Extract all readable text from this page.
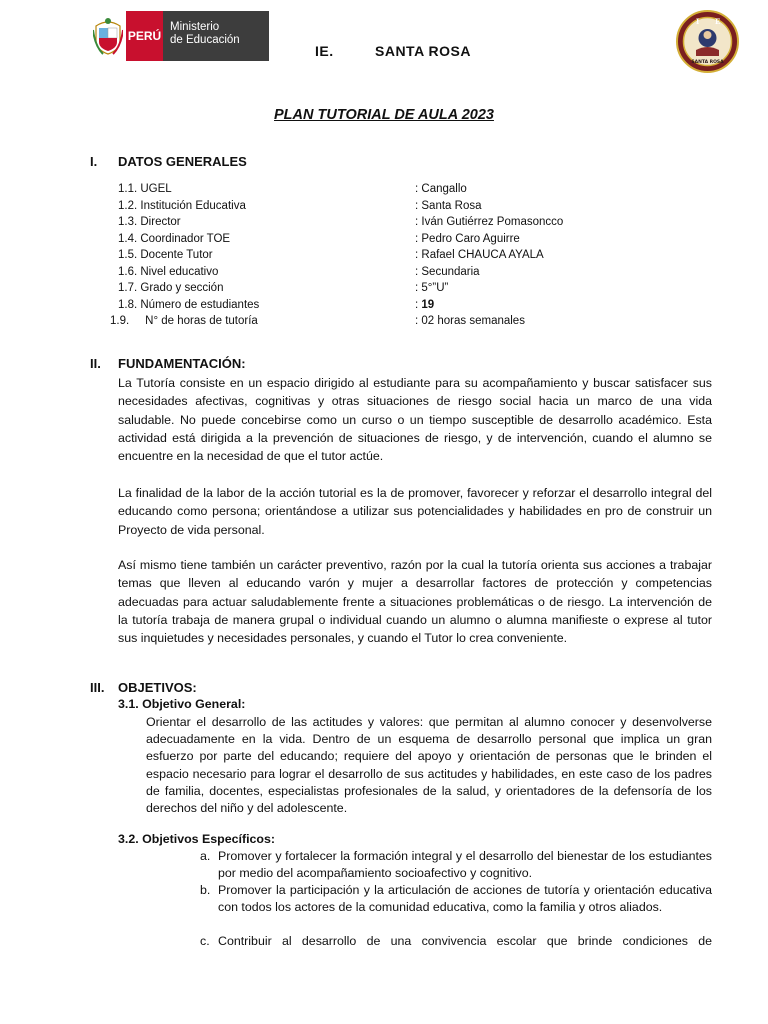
PERÚ
Ministerio
de Educación
IE.	SANTA ROSA
SANTA ROSA
I E
PLAN TUTORIAL DE AULA 2023
I. DATOS GENERALES
1.1. UGEL	: Cangallo
1.2. Institución Educativa	: Santa Rosa
1.3. Director	: Iván Gutiérrez Pomasoncco
1.4. Coordinador TOE	: Pedro Caro Aguirre
1.5. Docente Tutor	: Rafael CHAUCA AYALA
1.6. Nivel educativo	: Secundaria
1.7. Grado y sección	: 5°”U”
1.8. Número de estudiantes	: 19
1.9.     N° de horas de tutoría	: 02 horas semanales
II. FUNDAMENTACIÓN:

La Tutoría consiste en un espacio dirigido al estudiante para su acompañamiento y buscar satisfacer sus necesidades afectivas, cognitivas y otras situaciones de riesgo social hacia un marco de una vida saludable. No puede concebirse como un curso o un tiempo susceptible de desarrollo académico. Esta actividad está dirigida a la prevención de situaciones de riesgo, y de intervención, cuando el alumno se encuentre en la necesidad de que el tutor actúe.

La finalidad de la labor de la acción tutorial es la de promover, favorecer y reforzar el desarrollo integral del educando como persona; orientándose a utilizar sus potencialidades y habilidades en pro de construir un Proyecto de vida personal.

Así mismo tiene también un carácter preventivo, razón por la cual la tutoría orienta sus acciones a trabajar temas que lleven al educando varón y mujer a desarrollar factores de protección y competencias adecuadas para actuar saludablemente frente a situaciones problemáticas o de riesgo. La intervención de la tutoría trabaja de manera grupal o individual cuando un alumno o alumna manifieste o exprese al tutor sus inquietudes y necesidades personales, y cuando el Tutor lo crea conveniente.

III. OBJETIVOS:
3.1. Objetivo General:

Orientar el desarrollo de las actitudes y valores: que permitan al alumno conocer y desenvolverse adecuadamente en la vida. Dentro de un esquema de desarrollo personal que implica un gran esfuerzo por parte del educando; requiere del apoyo y orientación de personas que le brinden el espacio necesario para lograr el desarrollo de sus actitudes y habilidades, en este caso de los padres de familia, docentes, especialistas profesionales de la salud, y orientadores de la defensoría de los derechos del niño y del adolescente.

3.2. Objetivos Específicos:
a. Promover y fortalecer la formación integral y el desarrollo del bienestar de los estudiantes por medio del acompañamiento socioafectivo y cognitivo.
b. Promover la participación y la articulación de acciones de tutoría y orientación educativa con todos los actores de la comunidad educativa, como la familia y otros aliados.
c. Contribuir al desarrollo de una convivencia escolar que brinde condiciones de
